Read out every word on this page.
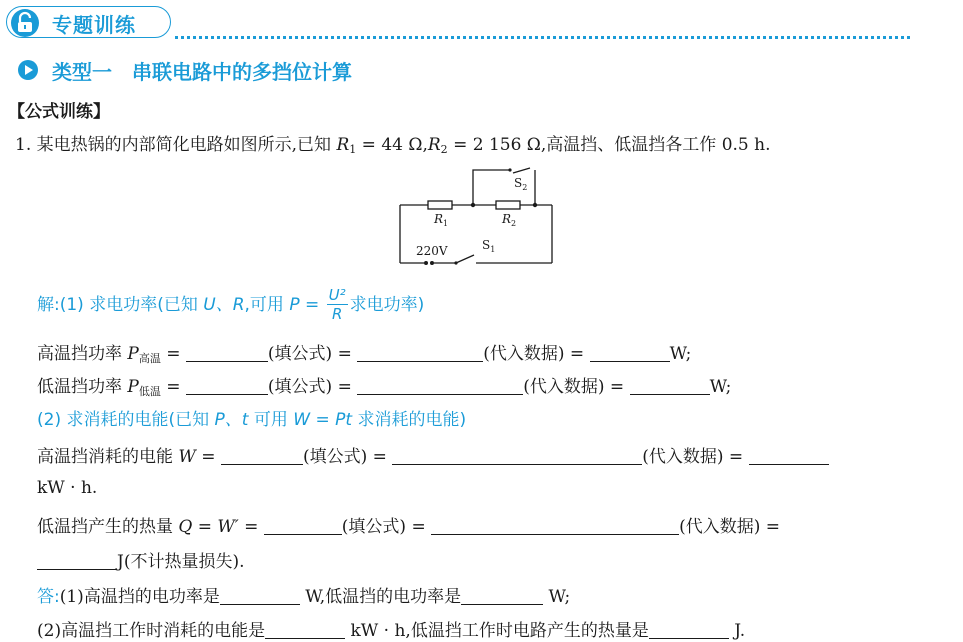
专题训练
类型一　串联电路中的多挡位计算
【公式训练】
1. 某电热锅的内部简化电路如图所示,已知 $R_1 = 44$ $\Omega,R_2 = 2$ 156 Ω,高温挡、低温挡各工作 0.5 h.
$S_2$
$R_1$	$R_2$
220V	$S_1$
解:(1) 求电功率(已知 U、R,可用 $P = \frac{\text{U²}}{R}$ 求电功率)
高温挡功率 $P_{高温}$ =	(填公式) =	(代入数据) =	W;
低温挡功率 $P_{低温}$ =	(填公式) =	(代入数据) =	W;
(2) 求消耗的电能(已知 P、t 可用 W = Pt 求消耗的电能)
高温挡消耗的电能 W =	(填公式) =	(代入数据) =
kW · h.
低温挡产生的热量 Q = W′ =	(填公式) =	(代入数据) =
J(不计热量损失).
答:(1)高温挡的电功率是	W,低温挡的电功率是	W;
(2)高温挡工作时消耗的电能是	kW · h,低温挡工作时电路产生的热量是	J.
